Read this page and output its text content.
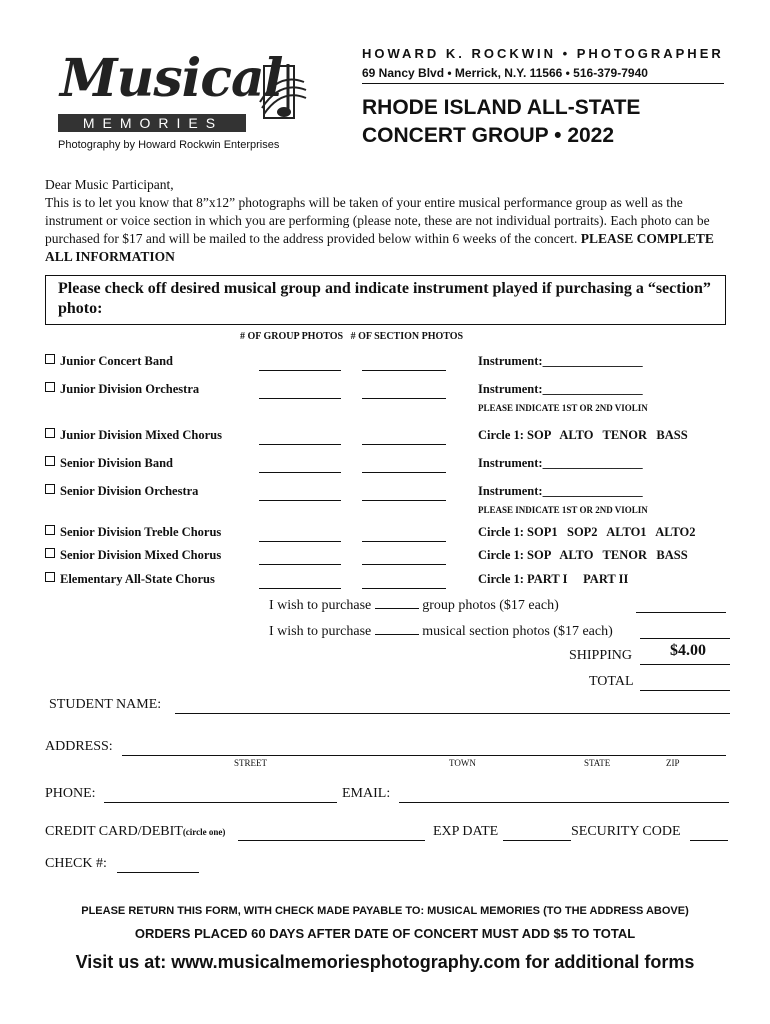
Musical
MEMORIES
Photography by Howard Rockwin Enterprises
HOWARD K. ROCKWIN • PHOTOGRAPHER
69 Nancy Blvd • Merrick, N.Y. 11566 • 516-379-7940
RHODE ISLAND ALL-STATE
CONCERT GROUP • 2022
Dear Music Participant,
This is to let you know that 8”x12” photographs will be taken of your entire musical performance group as well as the instrument or voice section in which you are performing (please note, these are not individual portraits). Each photo can be purchased for $17 and will be mailed to the address provided below within 6 weeks of the concert. PLEASE COMPLETE ALL INFORMATION
Please check off desired musical group and indicate instrument played if purchasing a “section” photo:
# OF GROUP PHOTOS # OF SECTION PHOTOS
Junior Concert Band	Instrument:________________
Junior Division Orchestra	Instrument:________________
PLEASE INDICATE 1ST OR 2ND VIOLIN
Junior Division Mixed Chorus	Circle 1: SOP   ALTO   TENOR   BASS
Senior Division Band	Instrument:________________
Senior Division Orchestra	Instrument:________________
PLEASE INDICATE 1ST OR 2ND VIOLIN
Senior Division Treble Chorus	Circle 1: SOP1   SOP2   ALTO1   ALTO2
Senior Division Mixed Chorus	Circle 1: SOP   ALTO   TENOR   BASS
Elementary All-State Chorus	Circle 1: PART I     PART II
I wish to purchase	group photos ($17 each)
I wish to purchase	musical section photos ($17 each)
SHIPPING $4.00
TOTAL
STUDENT NAME:
ADDRESS:
STREET	TOWN	STATE	ZIP
PHONE:	EMAIL:
CREDIT CARD/DEBIT(circle one)	EXP DATE	SECURITY CODE
CHECK #:
PLEASE RETURN THIS FORM, WITH CHECK MADE PAYABLE TO: MUSICAL MEMORIES (TO THE ADDRESS ABOVE)
ORDERS PLACED 60 DAYS AFTER DATE OF CONCERT MUST ADD $5 TO TOTAL
Visit us at: www.musicalmemoriesphotography.com for additional forms
